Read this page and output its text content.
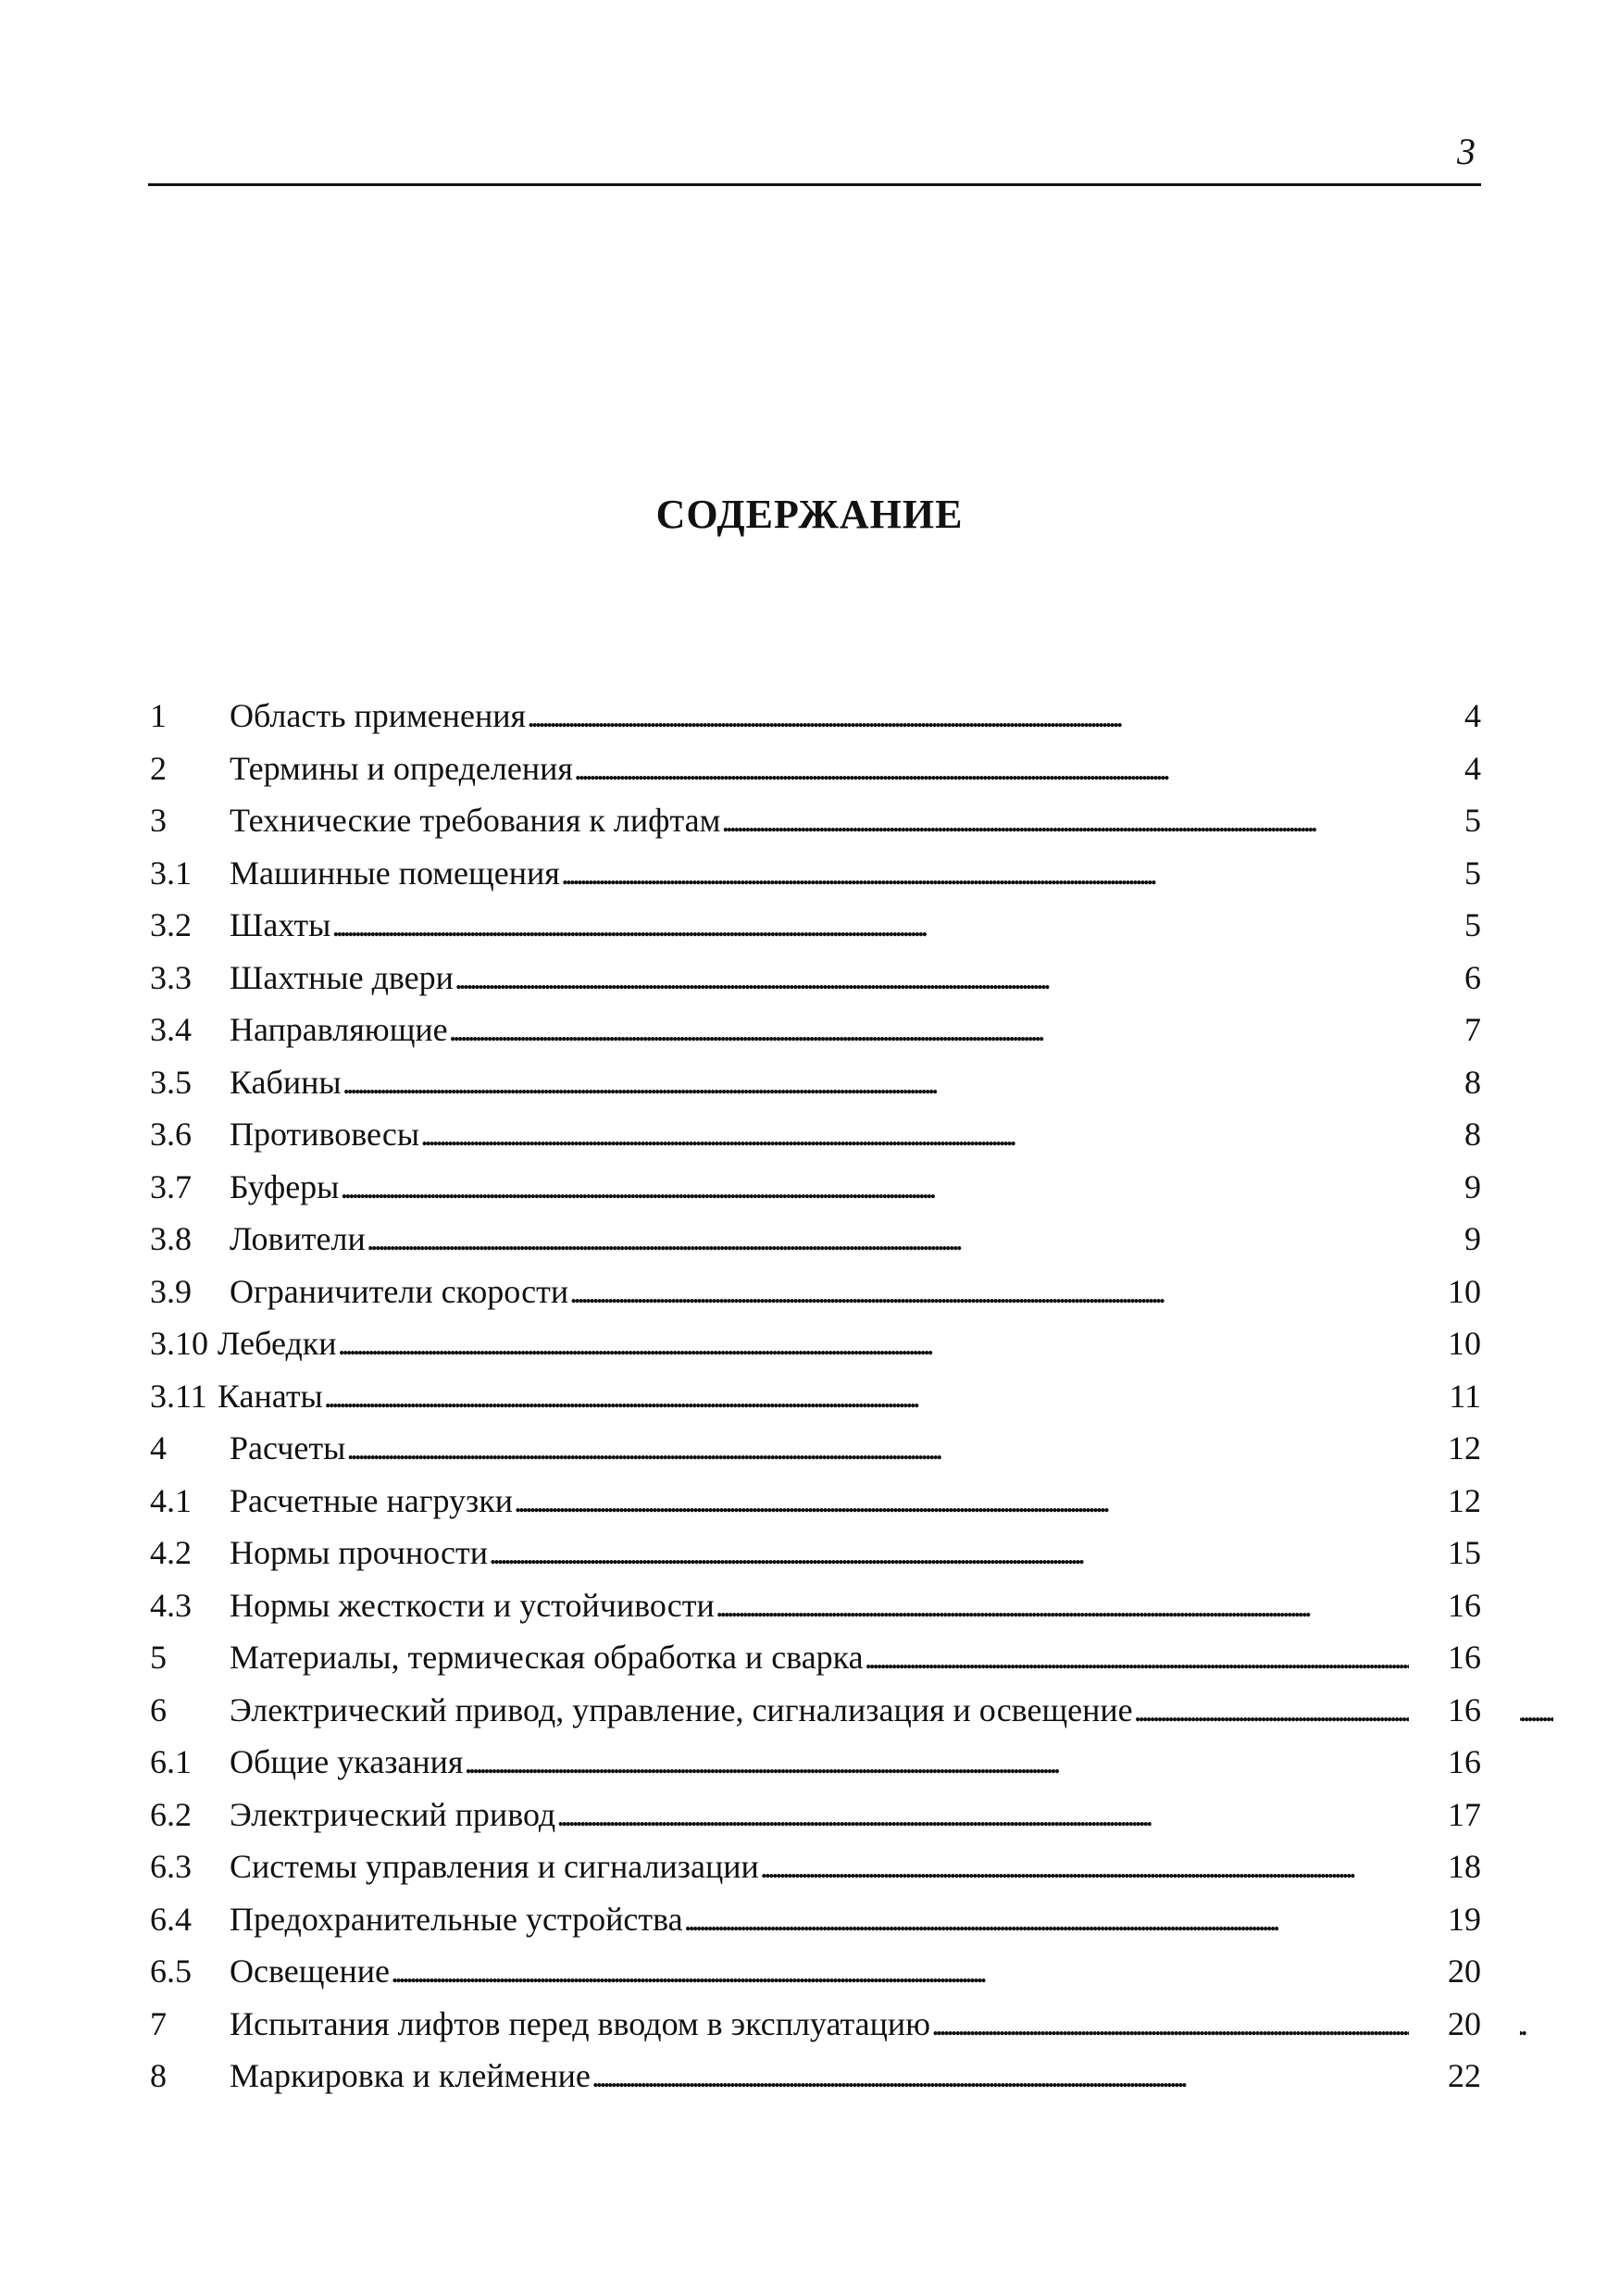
3
СОДЕРЖАНИЕ
1 Область применения . . .	4
2 Термины и определения . . .	4
3 Технические требования к лифтам . . .	5
3.1 Машинные помещения . . .	5
3.2 Шахты . . .	5
3.3 Шахтные двери . . .	6
3.4 Направляющие . . .	7
3.5 Кабины . . .	8
3.6 Противовесы . . .	8
3.7 Буферы . . .	9
3.8 Ловители . . .	9
3.9 Ограничители скорости . . .	10
3.10 Лебедки . . .	10
3.11 Канаты . . .	11
4 Расчеты . . .	12
4.1 Расчетные нагрузки . . .	12
4.2 Нормы прочности . . .	15
4.3 Нормы жесткости и устойчивости . . .	16
5 Материалы, термическая обработка и сварка . . .	16
6 Электрический привод, управление, сигнализация и освещение . . .	16
6.1 Общие указания . . .	16
6.2 Электрический привод . . .	17
6.3 Системы управления и сигнализации . . .	18
6.4 Предохранительные устройства . . .	19
6.5 Освещение . . .	20
7 Испытания лифтов перед вводом в эксплуатацию . . .	20
8 Маркировка и клеймение . . .	22
